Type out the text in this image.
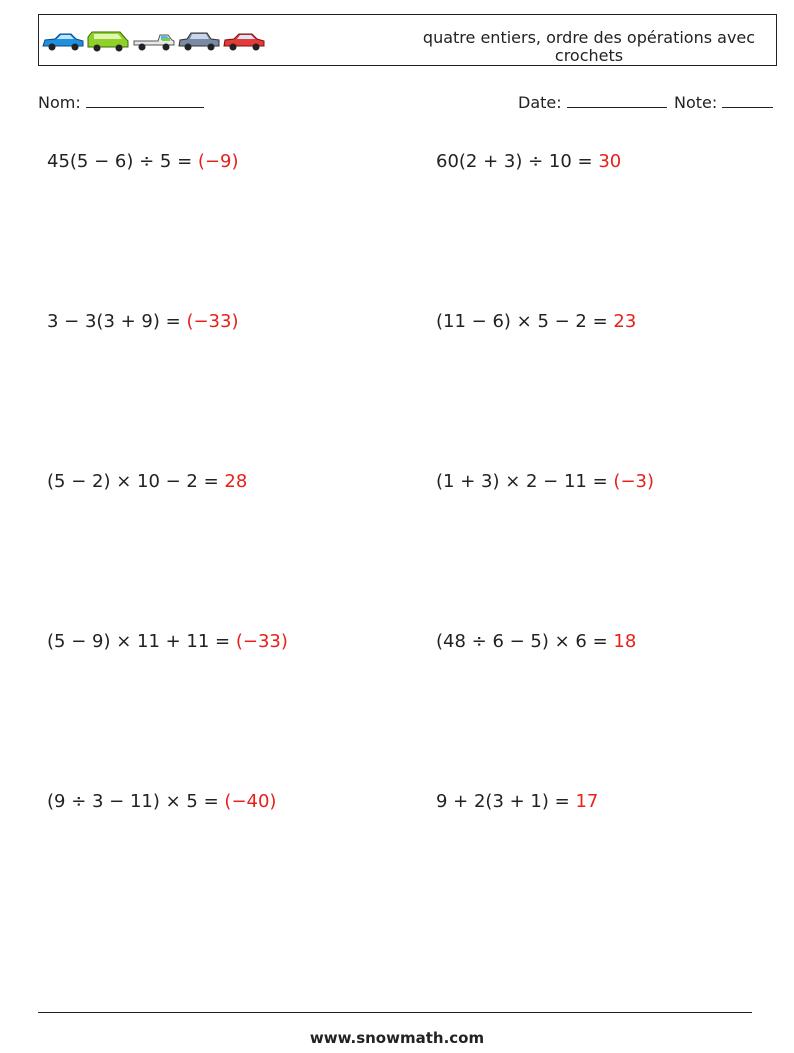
quatre entiers, ordre des opérations avec
crochets
Nom:	Date:	Note:
45(5 − 6) ÷ 5 = (−9)	60(2 + 3) ÷ 10 = 30
3 − 3(3 + 9) = (−33)	(11 − 6) × 5 − 2 = 23
(5 − 2) × 10 − 2 = 28	(1 + 3) × 2 − 11 = (−3)
(5 − 9) × 11 + 11 = (−33)	(48 ÷ 6 − 5) × 6 = 18
(9 ÷ 3 − 11) × 5 = (−40)	9 + 2(3 + 1) = 17
www.snowmath.com
